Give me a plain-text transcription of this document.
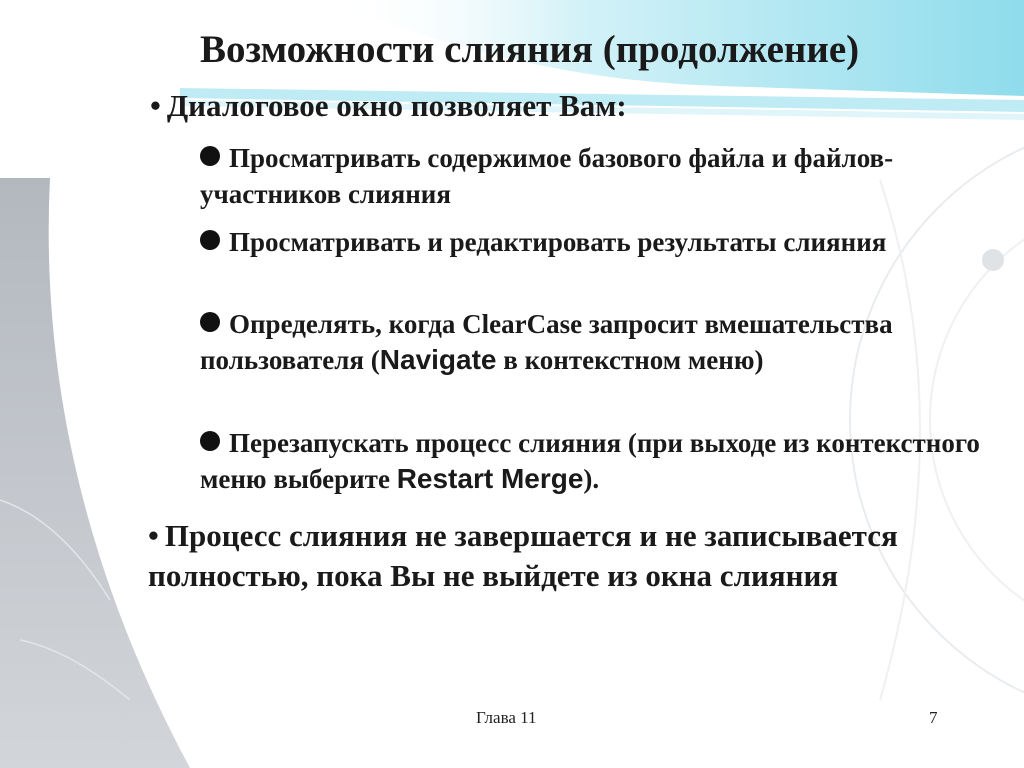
Возможности слияния (продолжение)
• Диалоговое окно позволяет Вам:
Просматривать содержимое базового файла и файлов-участников слияния
Просматривать и редактировать результаты слияния
Определять, когда ClearCase запросит вмешательства пользователя (Navigate в контекстном меню)
Перезапускать процесс слияния (при выходе из контекстного меню выберите Restart Merge).
• Процесс слияния не завершается и не записывается полностью, пока Вы не выйдете из окна слияния
Глава 11	7
